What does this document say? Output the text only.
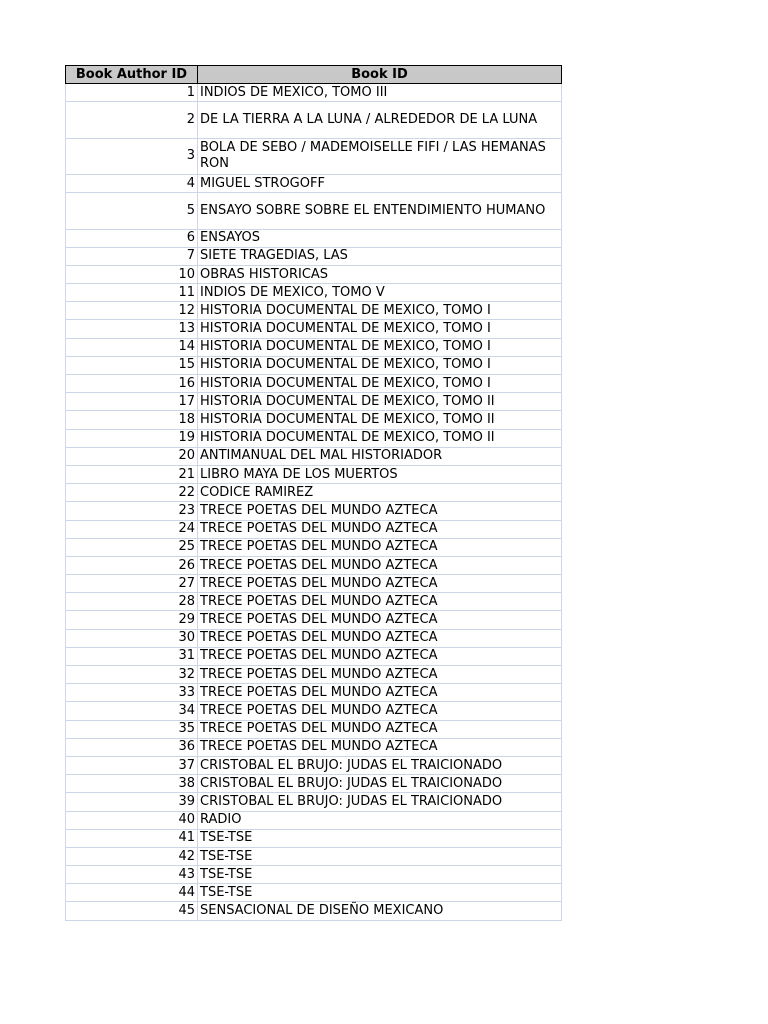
Book Author ID	Book ID
1	INDIOS DE MEXICO, TOMO III
2	DE LA TIERRA A LA LUNA / ALREDEDOR DE LA LUNA
3	BOLA DE SEBO / MADEMOISELLE FIFI / LAS HEMANAS RON
4	MIGUEL STROGOFF
5	ENSAYO SOBRE SOBRE EL ENTENDIMIENTO HUMANO
6	ENSAYOS
7	SIETE TRAGEDIAS, LAS
10	OBRAS HISTORICAS
11	INDIOS DE MEXICO, TOMO V
12	HISTORIA DOCUMENTAL DE MEXICO, TOMO I
13	HISTORIA DOCUMENTAL DE MEXICO, TOMO I
14	HISTORIA DOCUMENTAL DE MEXICO, TOMO I
15	HISTORIA DOCUMENTAL DE MEXICO, TOMO I
16	HISTORIA DOCUMENTAL DE MEXICO, TOMO I
17	HISTORIA DOCUMENTAL DE MEXICO, TOMO II
18	HISTORIA DOCUMENTAL DE MEXICO, TOMO II
19	HISTORIA DOCUMENTAL DE MEXICO, TOMO II
20	ANTIMANUAL DEL MAL HISTORIADOR
21	LIBRO MAYA DE LOS MUERTOS
22	CODICE RAMIREZ
23	TRECE POETAS DEL MUNDO AZTECA
24	TRECE POETAS DEL MUNDO AZTECA
25	TRECE POETAS DEL MUNDO AZTECA
26	TRECE POETAS DEL MUNDO AZTECA
27	TRECE POETAS DEL MUNDO AZTECA
28	TRECE POETAS DEL MUNDO AZTECA
29	TRECE POETAS DEL MUNDO AZTECA
30	TRECE POETAS DEL MUNDO AZTECA
31	TRECE POETAS DEL MUNDO AZTECA
32	TRECE POETAS DEL MUNDO AZTECA
33	TRECE POETAS DEL MUNDO AZTECA
34	TRECE POETAS DEL MUNDO AZTECA
35	TRECE POETAS DEL MUNDO AZTECA
36	TRECE POETAS DEL MUNDO AZTECA
37	CRISTOBAL EL BRUJO: JUDAS EL TRAICIONADO
38	CRISTOBAL EL BRUJO: JUDAS EL TRAICIONADO
39	CRISTOBAL EL BRUJO: JUDAS EL TRAICIONADO
40	RADIO
41	TSE-TSE
42	TSE-TSE
43	TSE-TSE
44	TSE-TSE
45	SENSACIONAL DE DISEÑO MEXICANO
